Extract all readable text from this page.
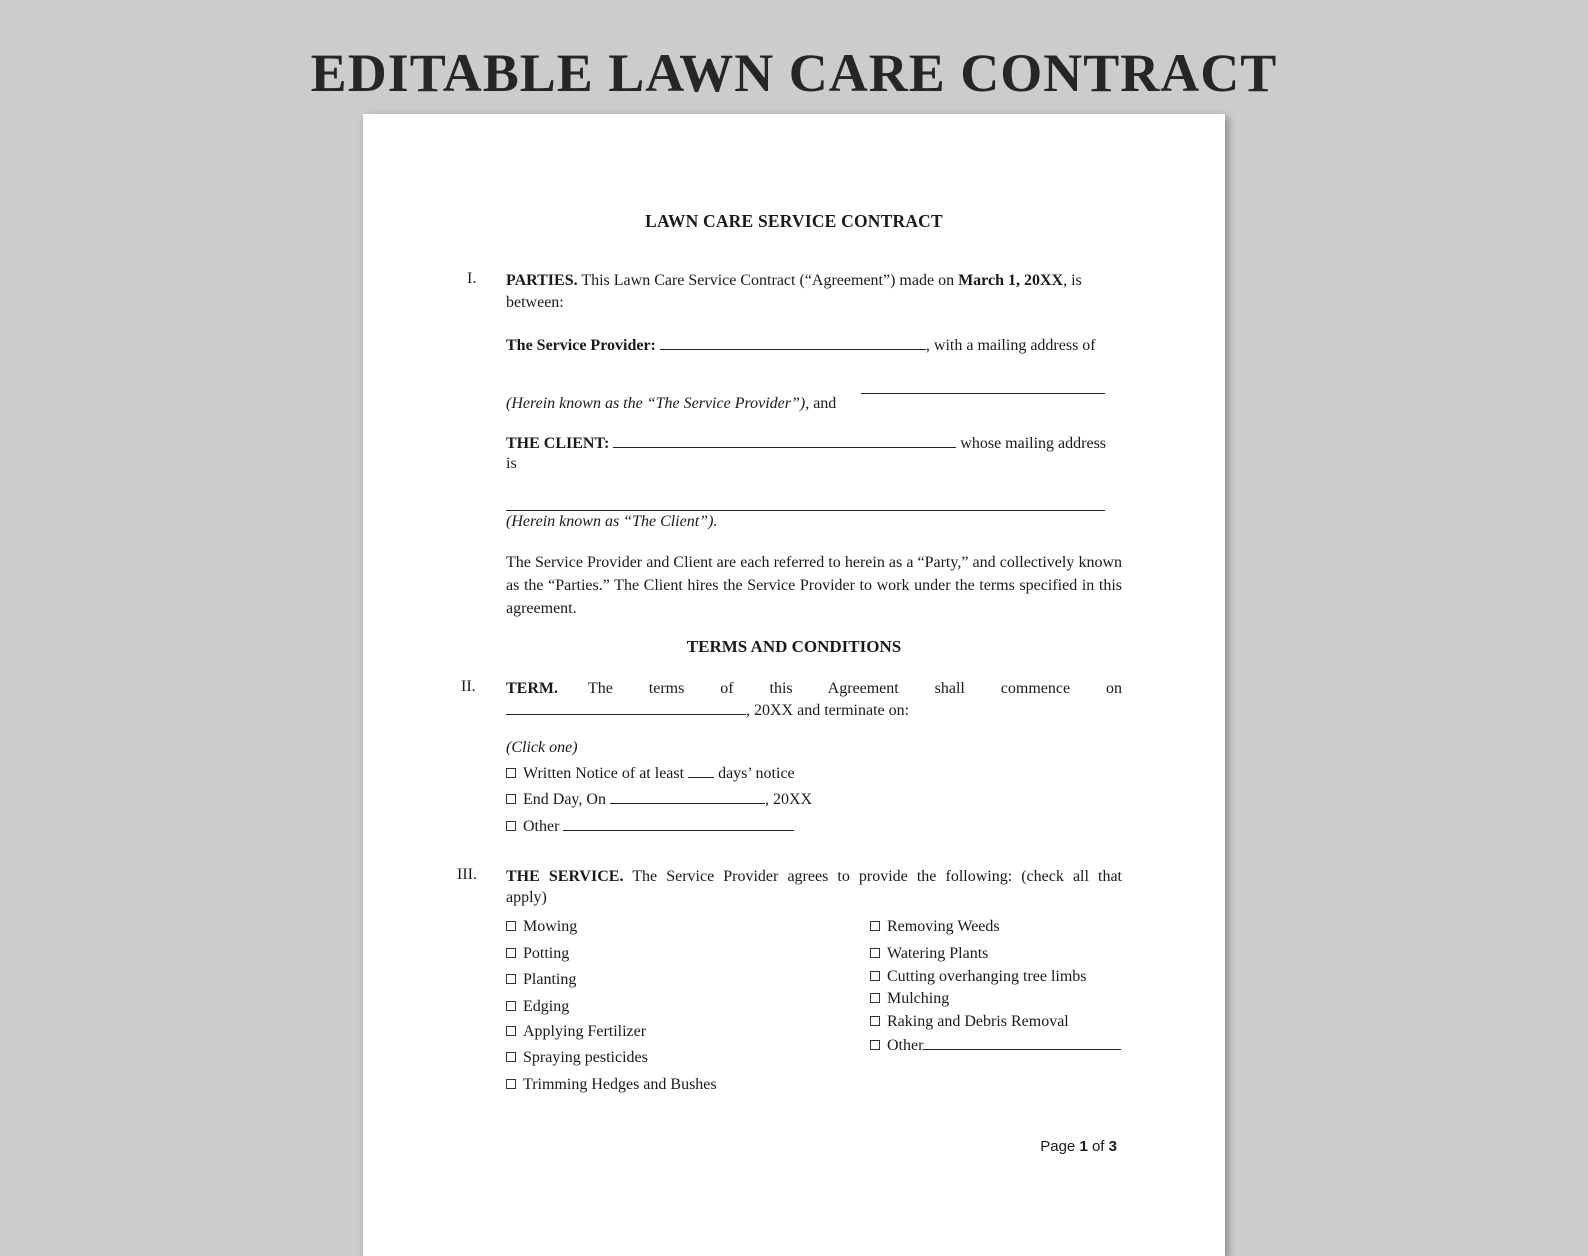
EDITABLE LAWN CARE CONTRACT
LAWN CARE SERVICE CONTRACT
I. PARTIES. This Lawn Care Service Contract (“Agreement”) made on March 1, 20XX, is
between:
The Service Provider:	, with a mailing address of
(Herein known as the “The Service Provider”), and
THE CLIENT:	whose mailing address
is
(Herein known as “The Client”).
The Service Provider and Client are each referred to herein as a “Party,” and collectively known as the “Parties.” The Client hires the Service Provider to work under the terms specified in this agreement.
TERMS AND CONDITIONS
II. TERM. The terms of this Agreement shall commence on
, 20XX and terminate on:
(Click one)
Written Notice of at least days’ notice
End Day, On	, 20XX
Other
III. THE SERVICE. The Service Provider agrees to provide the following: (check all that
apply)
Mowing
Potting
Planting
Edging
Applying Fertilizer
Spraying pesticides
Trimming Hedges and Bushes
Removing Weeds
Watering Plants
Cutting overhanging tree limbs
Mulching
Raking and Debris Removal
Other
Page 1 of 3
